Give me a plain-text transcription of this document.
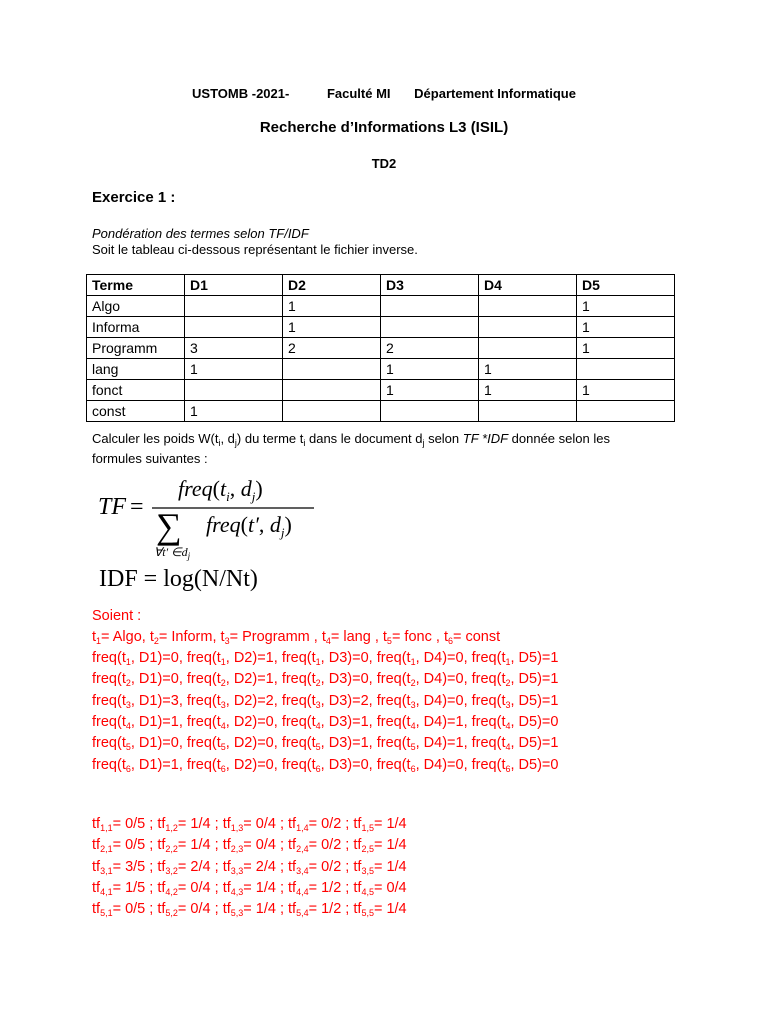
USTOMB -2021-	Faculté MI Département Informatique
Recherche d’Informations L3 (ISIL)
TD2
Exercice 1 :
Pondération des termes selon TF/IDF
Soit le tableau ci-dessous représentant le fichier inverse.
Terme	D1	D2	D3	D4	D5
Algo		1			1
Informa		1			1
Programm	3	2	2		1
lang	1		1	1	
fonct			1	1	1
const	1				
Calculer les poids $W(t_i$, $d_j$) du terme $t_i$ dans le document $d_j$ selon TF *IDF donnée selon les
formules suivantes :
TF =
$freq(t_i$, $d_j$)
∑
∀t′ $\in d_j$
freq(t′, $d_j$)
IDF = log(N/Nt)
Soient :
$t_1= Algo$, $t_2=$ Inform, $t_3=$ Programm , $t_4=$ lang , $t_5=$ fonc , $t_6=$ const
$freq(t_1$, D1)=0, $freq(t_1$, D2)=1, $freq(t_1$, D3)=0, $freq(t_1$, D4)=0, $freq(t_1$, D5)=1
$freq(t_2$, D1)=0, $freq(t_2$, D2)=1, $freq(t_2$, D3)=0, $freq(t_2$, D4)=0, $freq(t_2$, D5)=1
$freq(t_3$, D1)=3, $freq(t_3$, D2)=2, $freq(t_3$, D3)=2, $freq(t_3$, D4)=0, $freq(t_3$, D5)=1
$freq(t_4$, D1)=1, $freq(t_4$, D2)=0, $freq(t_4$, D3)=1, $freq(t_4$, D4)=1, $freq(t_4$, D5)=0
$freq(t_5$, D1)=0, $freq(t_5$, D2)=0, $freq(t_5$, D3)=1, $freq(t_5$, D4)=1, $freq(t_4$, D5)=1
$freq(t_6$, D1)=1, $freq(t_6$, D2)=0, $freq(t_6$, D3)=0, $freq(t_6$, D4)=0, $freq(t_6$, D5)=0
$tf_{1,1}= 0/5$ ; $tf_{1,2}= 1/4$ ; $tf_{1,3}= 0/4$ ; $tf_{1,4}= 0/2$ ; $tf_{1,5}= 1/4$
$tf_{2,1}= 0/5$ ; $tf_{2,2}= 1/4$ ; $tf_{2,3}= 0/4$ ; $tf_{2,4}= 0/2$ ; $tf_{2,5}= 1/4$
$tf_{3,1}= 3/5$ ; $tf_{3,2}= 2/4$ ; $tf_{3,3}= 2/4$ ; $tf_{3,4}= 0/2$ ; $tf_{3,5}= 1/4$
$tf_{4,1}= 1/5$ ; $tf_{4,2}= 0/4$ ; $tf_{4,3}= 1/4$ ; $tf_{4,4}= 1/2$ ; $tf_{4,5}= 0/4$
$tf_{5,1}= 0/5$ ; $tf_{5,2}= 0/4$ ; $tf_{5,3}= 1/4$ ; $tf_{5,4}= 1/2$ ; $tf_{5,5}= 1/4$
